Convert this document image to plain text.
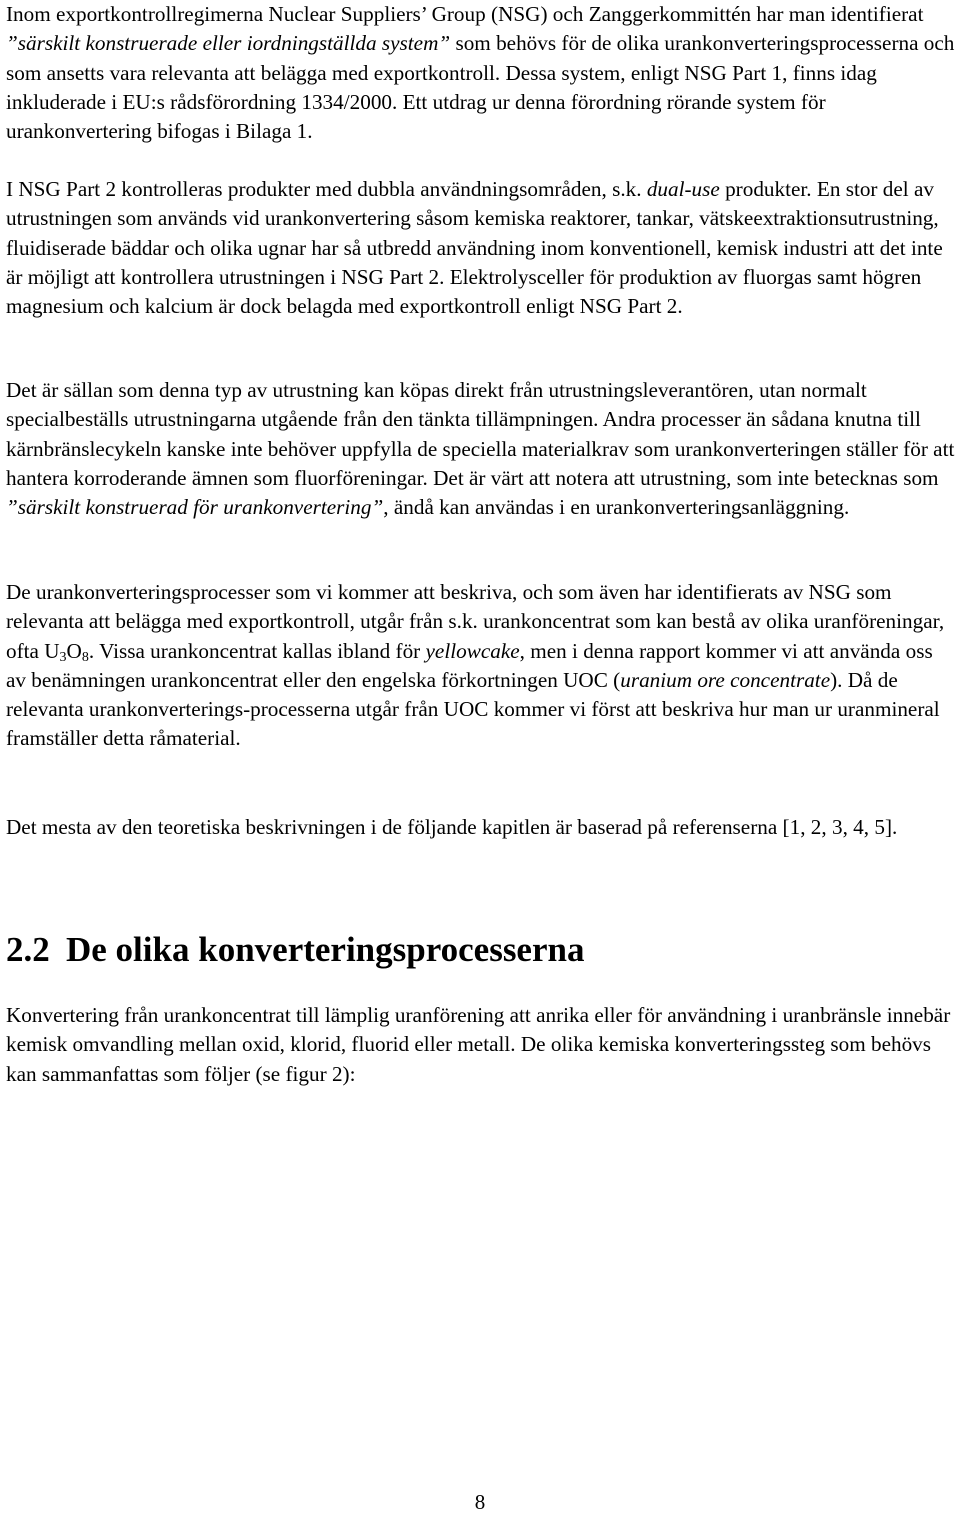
Inom exportkontrollregimerna Nuclear Suppliers’ Group (NSG) och Zanggerkommittén har man identifierat ”särskilt konstruerade eller iordningställda system” som behövs för de olika urankonverteringsprocesserna och som ansetts vara relevanta att belägga med exportkontroll. Dessa system, enligt NSG Part 1, finns idag inkluderade i EU:s rådsförordning 1334/2000. Ett utdrag ur denna förordning rörande system för urankonvertering bifogas i Bilaga 1.

I NSG Part 2 kontrolleras produkter med dubbla användningsområden, s.k. dual-use produkter. En stor del av utrustningen som används vid urankonvertering såsom kemiska reaktorer, tankar, vätskeextraktionsutrustning, fluidiserade bäddar och olika ugnar har så utbredd användning inom konventionell, kemisk industri att det inte är möjligt att kontrollera utrustningen i NSG Part 2. Elektrolysceller för produktion av fluorgas samt högren magnesium och kalcium är dock belagda med exportkontroll enligt NSG Part 2.

Det är sällan som denna typ av utrustning kan köpas direkt från utrustningsleverantören, utan normalt specialbeställs utrustningarna utgående från den tänkta tillämpningen. Andra processer än sådana knutna till kärnbränslecykeln kanske inte behöver uppfylla de speciella materialkrav som urankonverteringen ställer för att hantera korroderande ämnen som fluorföreningar. Det är värt att notera att utrustning, som inte betecknas som ”särskilt konstruerad för urankonvertering”, ändå kan användas i en urankonverteringsanläggning.

De urankonverteringsprocesser som vi kommer att beskriva, och som även har identifierats av NSG som relevanta att belägga med exportkontroll, utgår från s.k. urankoncentrat som kan bestå av olika uranföreningar, ofta $U_3O_8$. Vissa urankoncentrat kallas ibland för yellowcake, men i denna rapport kommer vi att använda oss av benämningen urankoncentrat eller den engelska förkortningen UOC (uranium ore concentrate). Då de relevanta urankonverterings-processerna utgår från UOC kommer vi först att beskriva hur man ur uranmineral framställer detta råmaterial.

Det mesta av den teoretiska beskrivningen i de följande kapitlen är baserad på referenserna [1, 2, 3, 4, 5].

2.2 De olika konverteringsprocesserna

Konvertering från urankoncentrat till lämplig uranförening att anrika eller för användning i uranbränsle innebär kemisk omvandling mellan oxid, klorid, fluorid eller metall. De olika kemiska konverteringssteg som behövs kan sammanfattas som följer (se figur 2):

8
